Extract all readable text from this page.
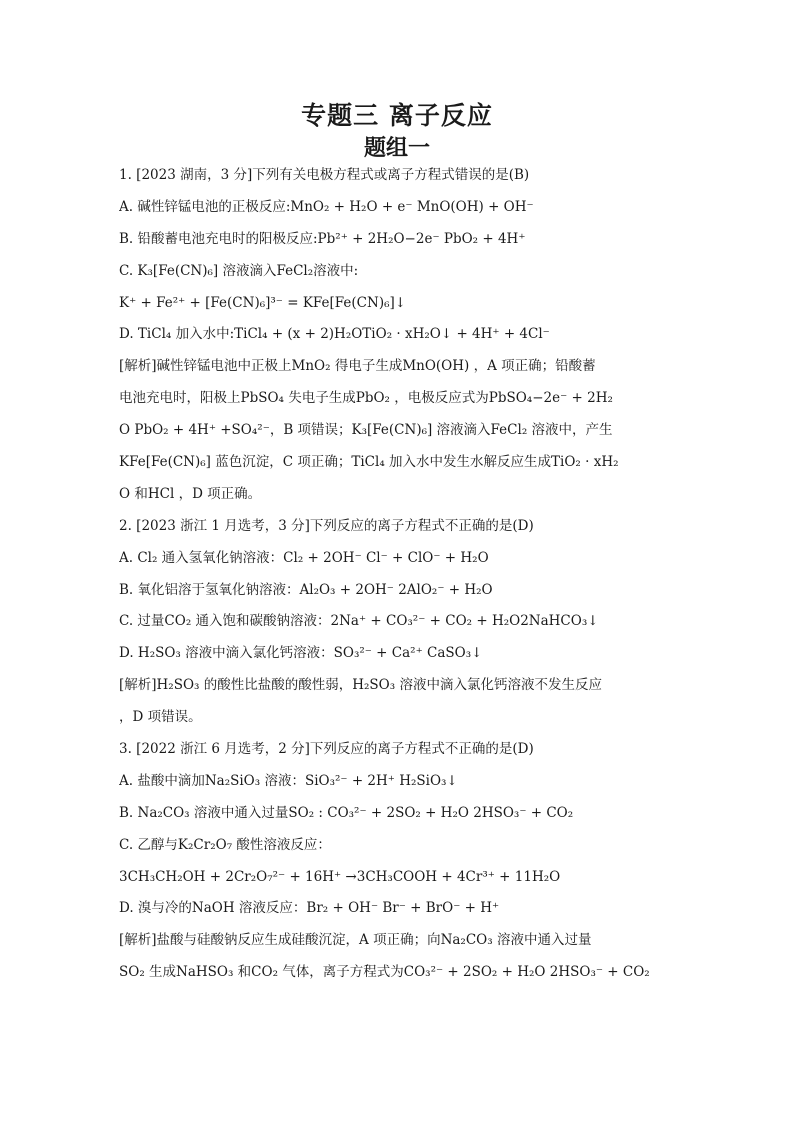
专题三 离子反应
题组一
1. [2023 湖南，3 分]下列有关电极方程式或离子方程式错误的是(B)
A. 碱性锌锰电池的正极反应:MnO₂ + H₂O + e⁻ MnO(OH) + OH⁻
B. 铅酸蓄电池充电时的阳极反应:Pb²⁺ + 2H₂O−2e⁻ PbO₂ + 4H⁺
C. K₃[Fe(CN)₆] 溶液滴入FeCl₂溶液中:
K⁺ + Fe²⁺ + [Fe(CN)₆]³⁻ = KFe[Fe(CN)₆]↓
D. TiCl₄ 加入水中:TiCl₄ + (x + 2)H₂OTiO₂ · xH₂O↓ + 4H⁺ + 4Cl⁻
[解析]碱性锌锰电池中正极上MnO₂ 得电子生成MnO(OH) ，A 项正确；铅酸蓄
电池充电时，阳极上PbSO₄ 失电子生成PbO₂ ，电极反应式为PbSO₄−2e⁻ + 2H₂
O PbO₂ + 4H⁺ +SO₄²⁻，B 项错误；K₃[Fe(CN)₆] 溶液滴入FeCl₂ 溶液中，产生
KFe[Fe(CN)₆] 蓝色沉淀，C 项正确；TiCl₄ 加入水中发生水解反应生成TiO₂ · xH₂
O 和HCl ，D 项正确。
2. [2023 浙江 1 月选考，3 分]下列反应的离子方程式不正确的是(D)
A. Cl₂ 通入氢氧化钠溶液：Cl₂ + 2OH⁻ Cl⁻ + ClO⁻ + H₂O
B. 氧化铝溶于氢氧化钠溶液：Al₂O₃ + 2OH⁻ 2AlO₂⁻ + H₂O
C. 过量CO₂ 通入饱和碳酸钠溶液：2Na⁺ + CO₃²⁻ + CO₂ + H₂O2NaHCO₃↓
D. H₂SO₃ 溶液中滴入氯化钙溶液：SO₃²⁻ + Ca²⁺ CaSO₃↓
[解析]H₂SO₃ 的酸性比盐酸的酸性弱，H₂SO₃ 溶液中滴入氯化钙溶液不发生反应
，D 项错误。
3. [2022 浙江 6 月选考，2 分]下列反应的离子方程式不正确的是(D)
A. 盐酸中滴加Na₂SiO₃ 溶液：SiO₃²⁻ + 2H⁺ H₂SiO₃↓
B. Na₂CO₃ 溶液中通入过量SO₂ : CO₃²⁻ + 2SO₂ + H₂O 2HSO₃⁻ + CO₂
C. 乙醇与K₂Cr₂O₇ 酸性溶液反应：
3CH₃CH₂OH + 2Cr₂O₇²⁻ + 16H⁺ →3CH₃COOH + 4Cr³⁺ + 11H₂O
D. 溴与冷的NaOH 溶液反应：Br₂ + OH⁻ Br⁻ + BrO⁻ + H⁺
[解析]盐酸与硅酸钠反应生成硅酸沉淀，A 项正确；向Na₂CO₃ 溶液中通入过量
SO₂ 生成NaHSO₃ 和CO₂ 气体，离子方程式为CO₃²⁻ + 2SO₂ + H₂O 2HSO₃⁻ + CO₂
